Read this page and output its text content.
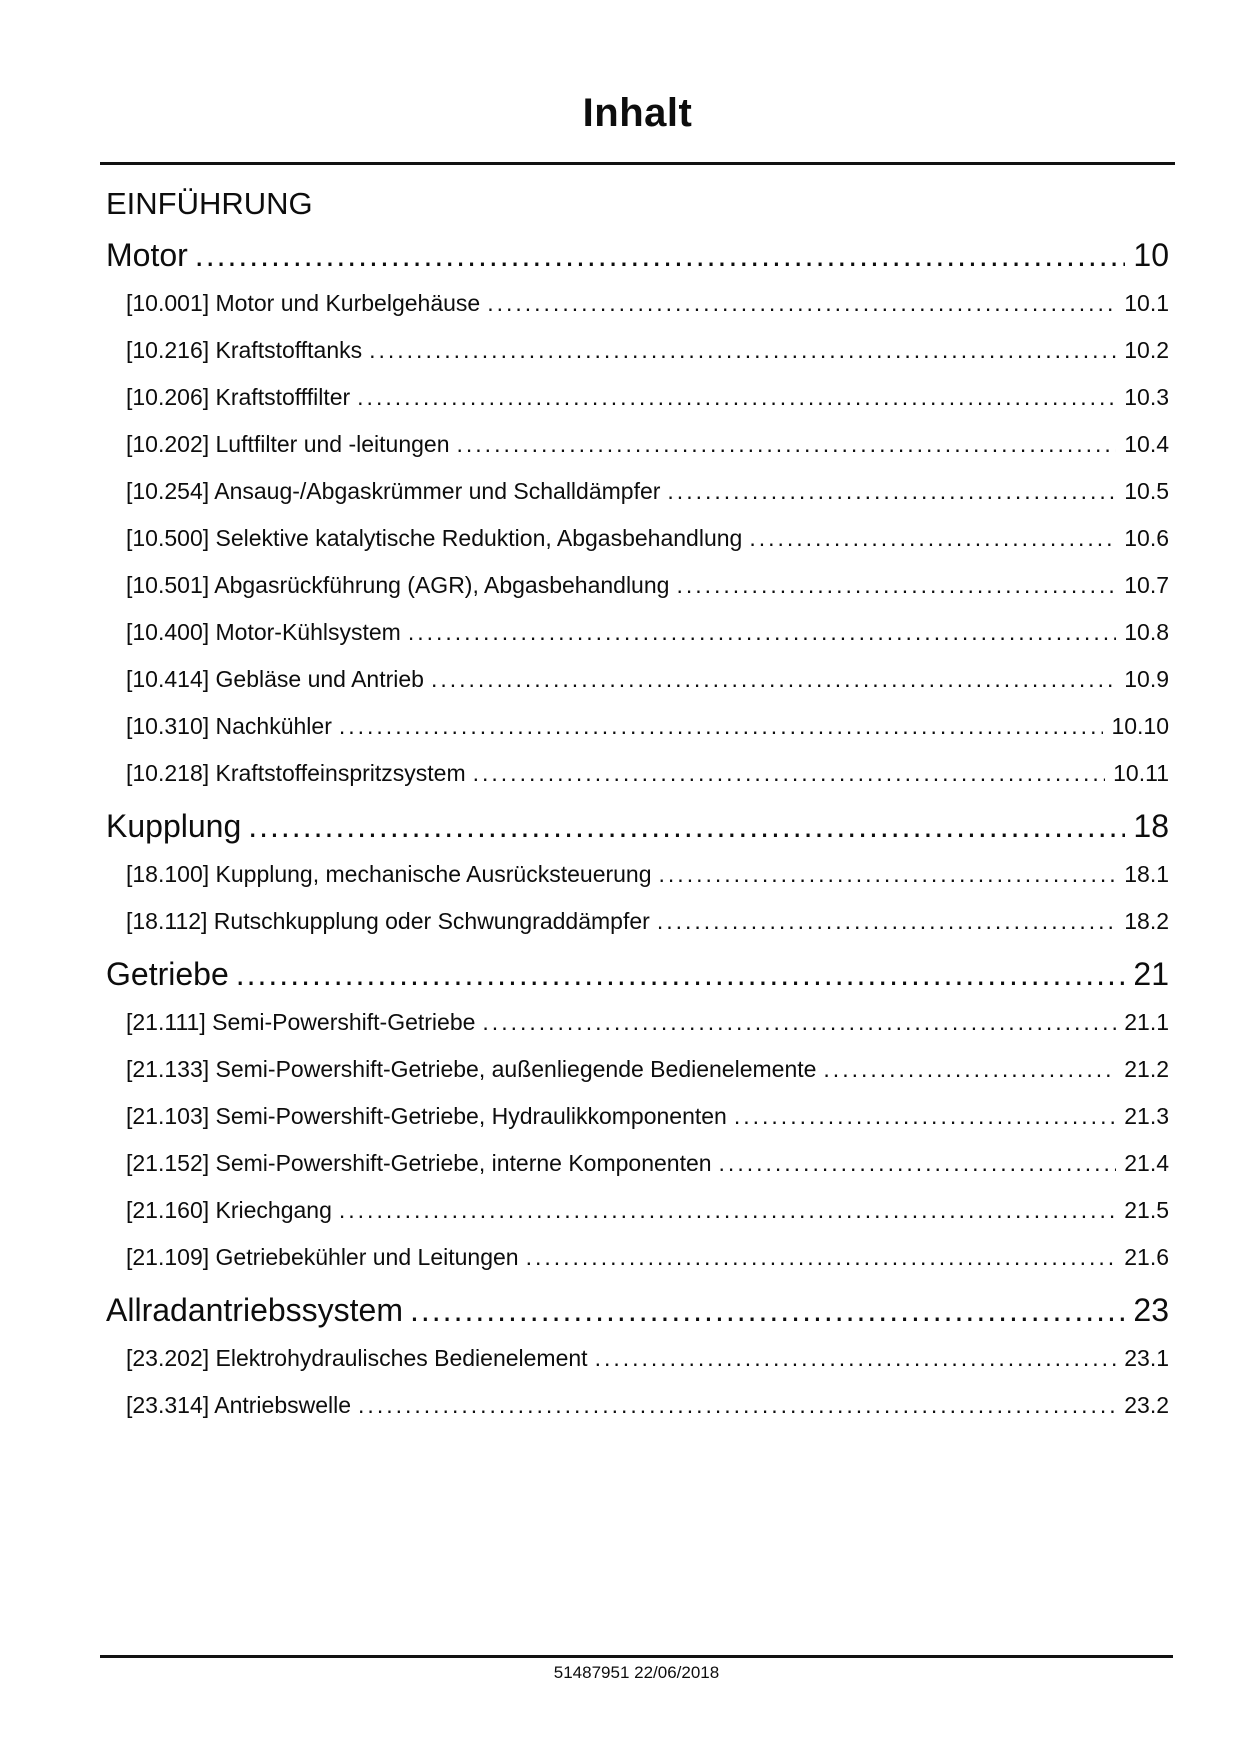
Inhalt
EINFÜHRUNG
Motor .....	10
[10.001] Motor und Kurbelgehäuse .....	10.1
[10.216] Kraftstofftanks .....	10.2
[10.206] Kraftstofffilter .....	10.3
[10.202] Luftfilter und -leitungen .....	10.4
[10.254] Ansaug-/Abgaskrümmer und Schalldämpfer .....	10.5
[10.500] Selektive katalytische Reduktion, Abgasbehandlung .....	10.6
[10.501] Abgasrückführung (AGR), Abgasbehandlung .....	10.7
[10.400] Motor-Kühlsystem .....	10.8
[10.414] Gebläse und Antrieb .....	10.9
[10.310] Nachkühler .....	10.10
[10.218] Kraftstoffeinspritzsystem .....	10.11
Kupplung .....	18
[18.100] Kupplung, mechanische Ausrücksteuerung .....	18.1
[18.112] Rutschkupplung oder Schwungraddämpfer .....	18.2
Getriebe .....	21
[21.111] Semi-Powershift-Getriebe .....	21.1
[21.133] Semi-Powershift-Getriebe, außenliegende Bedienelemente .....	21.2
[21.103] Semi-Powershift-Getriebe, Hydraulikkomponenten .....	21.3
[21.152] Semi-Powershift-Getriebe, interne Komponenten .....	21.4
[21.160] Kriechgang .....	21.5
[21.109] Getriebekühler und Leitungen .....	21.6
Allradantriebssystem .....	23
[23.202] Elektrohydraulisches Bedienelement .....	23.1
[23.314] Antriebswelle .....	23.2
51487951 22/06/2018
